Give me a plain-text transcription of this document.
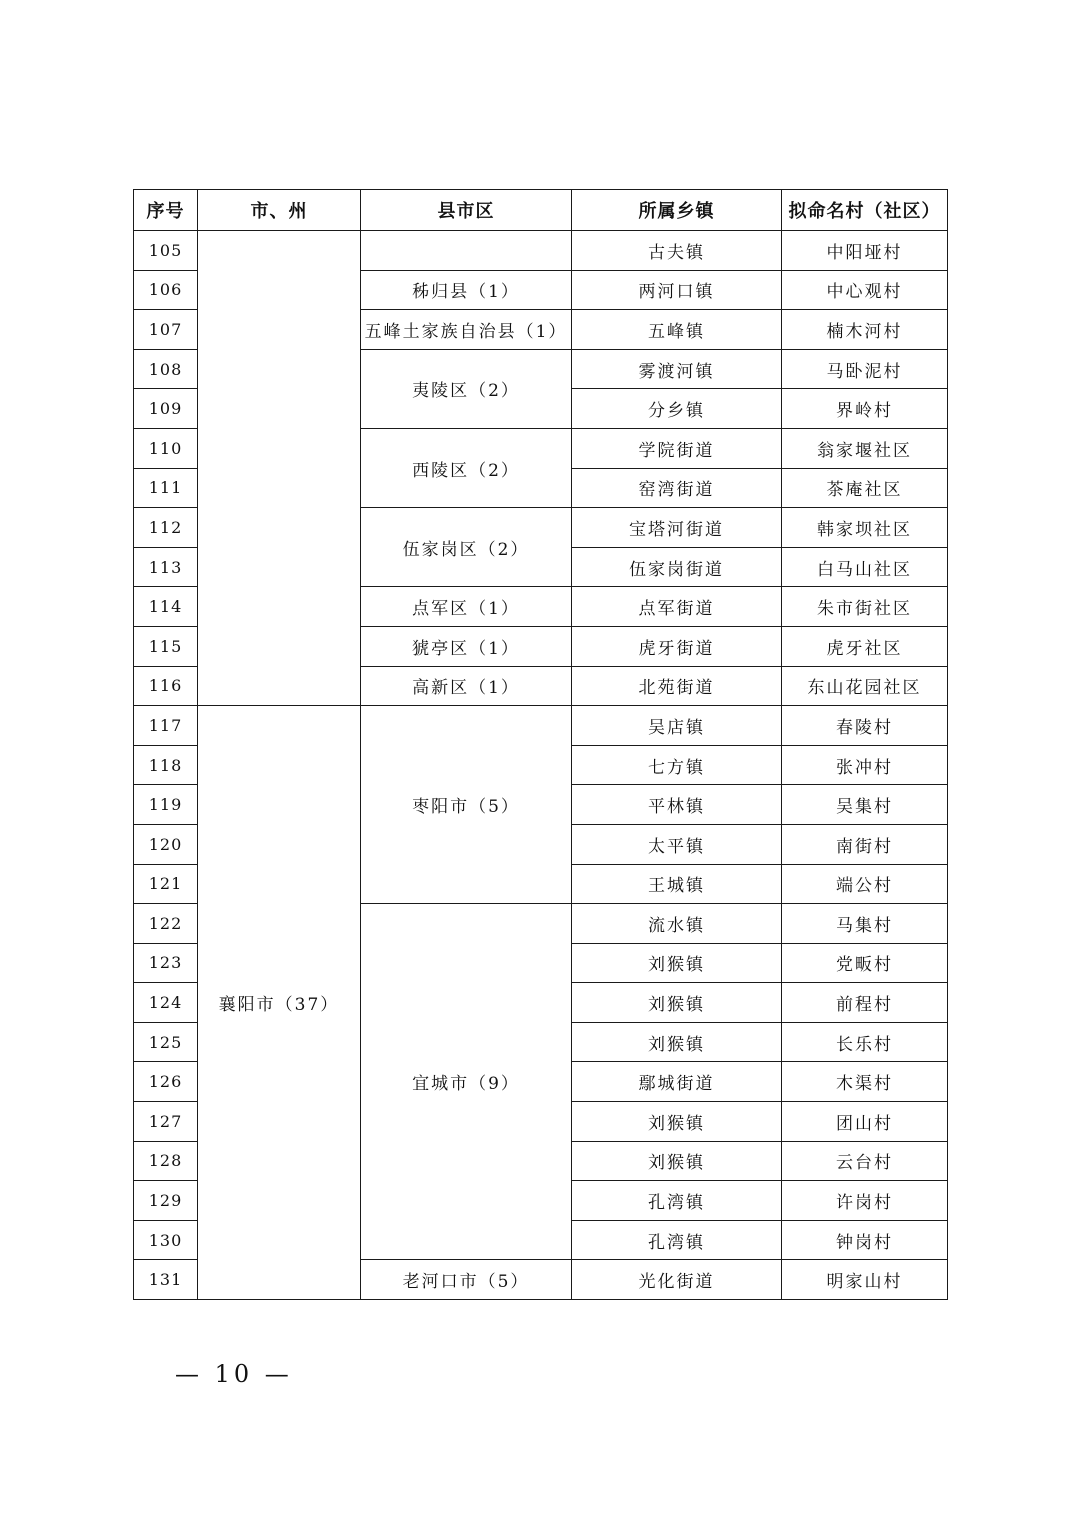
序号	市、州	县市区	所属乡镇	拟命名村（社区）
105			古夫镇	中阳垭村
106		秭归县（1）	两河口镇	中心观村
107		五峰土家族自治县（1）	五峰镇	楠木河村
108		夷陵区（2）	雾渡河镇	马卧泥村
109			分乡镇	界岭村
110		西陵区（2）	学院街道	翁家堰社区
111			窑湾街道	茶庵社区
112		伍家岗区（2）	宝塔河街道	韩家坝社区
113			伍家岗街道	白马山社区
114		点军区（1）	点军街道	朱市街社区
115		猇亭区（1）	虎牙街道	虎牙社区
116		高新区（1）	北苑街道	东山花园社区
117	襄阳市（37）	枣阳市（5）	吴店镇	春陵村
118			七方镇	张冲村
119			平林镇	吴集村
120			太平镇	南街村
121			王城镇	端公村
122		宜城市（9）	流水镇	马集村
123			刘猴镇	党畈村
124			刘猴镇	前程村
125			刘猴镇	长乐村
126			鄢城街道	木渠村
127			刘猴镇	团山村
128			刘猴镇	云台村
129			孔湾镇	许岗村
130			孔湾镇	钟岗村
131		老河口市（5）	光化街道	明家山村
— 10 —
